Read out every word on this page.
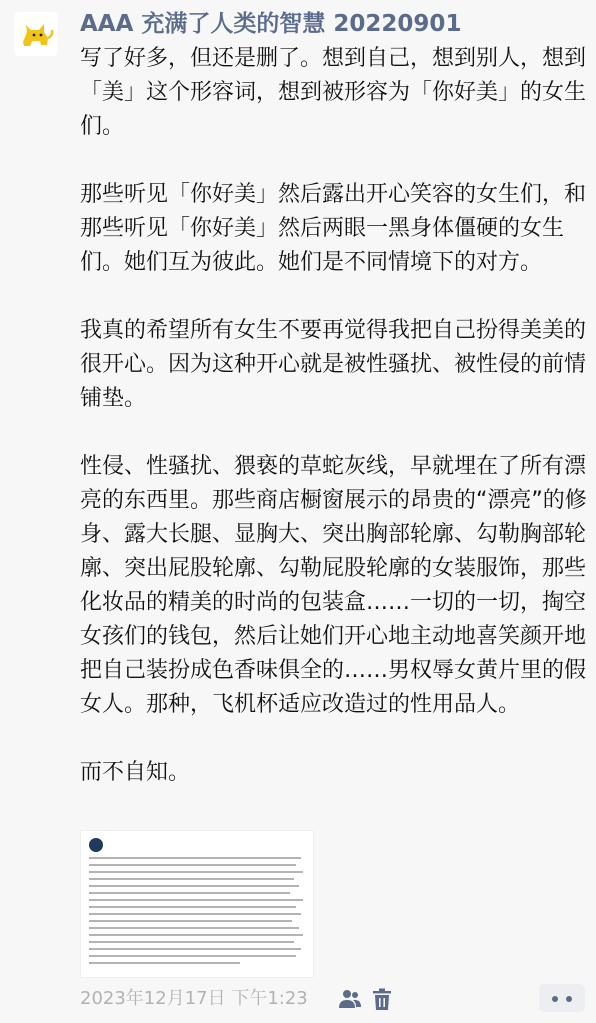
AAA 充满了人类的智慧 20220901

写了好多，但还是删了。想到自己，想到别人，想到「美」这个形容词，想到被形容为「你好美」的女生们。

那些听见「你好美」然后露出开心笑容的女生们，和那些听见「你好美」然后两眼一黑身体僵硬的女生们。她们互为彼此。她们是不同情境下的对方。

我真的希望所有女生不要再觉得我把自己扮得美美的很开心。因为这种开心就是被性骚扰、被性侵的前情铺垫。

性侵、性骚扰、猥亵的草蛇灰线，早就埋在了所有漂亮的东西里。那些商店橱窗展示的昂贵的“漂亮”的修身、露大长腿、显胸大、突出胸部轮廓、勾勒胸部轮廓、突出屁股轮廓、勾勒屁股轮廓的女装服饰，那些化妆品的精美的时尚的包装盒……一切的一切，掏空女孩们的钱包，然后让她们开心地主动地喜笑颜开地把自己装扮成色香味俱全的……男权辱女黄片里的假女人。那种，飞机杯适应改造过的性用品人。

而不自知。

2023年12月17日 下午1:23
